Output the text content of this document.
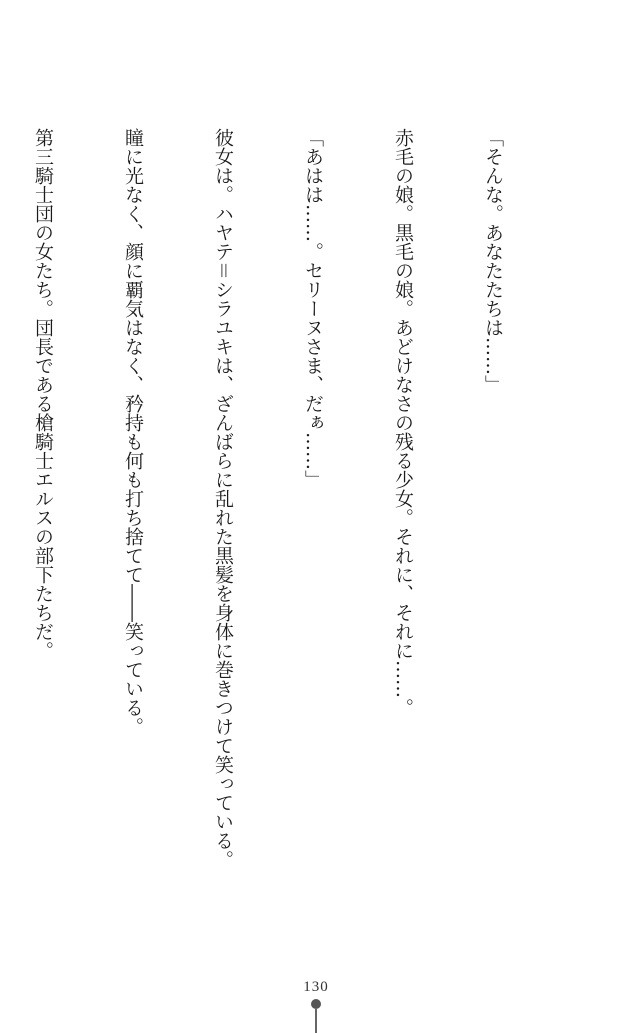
「そんな。あなたたちは……」

赤毛の娘。黒毛の娘。あどけなさの残る少女。それに、それに……。

「あはは……。セリーヌさま、だぁ……」

彼女は。ハヤテ＝シラユキは、ざんばらに乱れた黒髪を身体に巻きつけて笑っている。

瞳に光なく、顔に覇気はなく、矜持も何も打ち捨てて――笑っている。

第三騎士団の女たち。団長である槍騎士エルスの部下たちだ。

130
